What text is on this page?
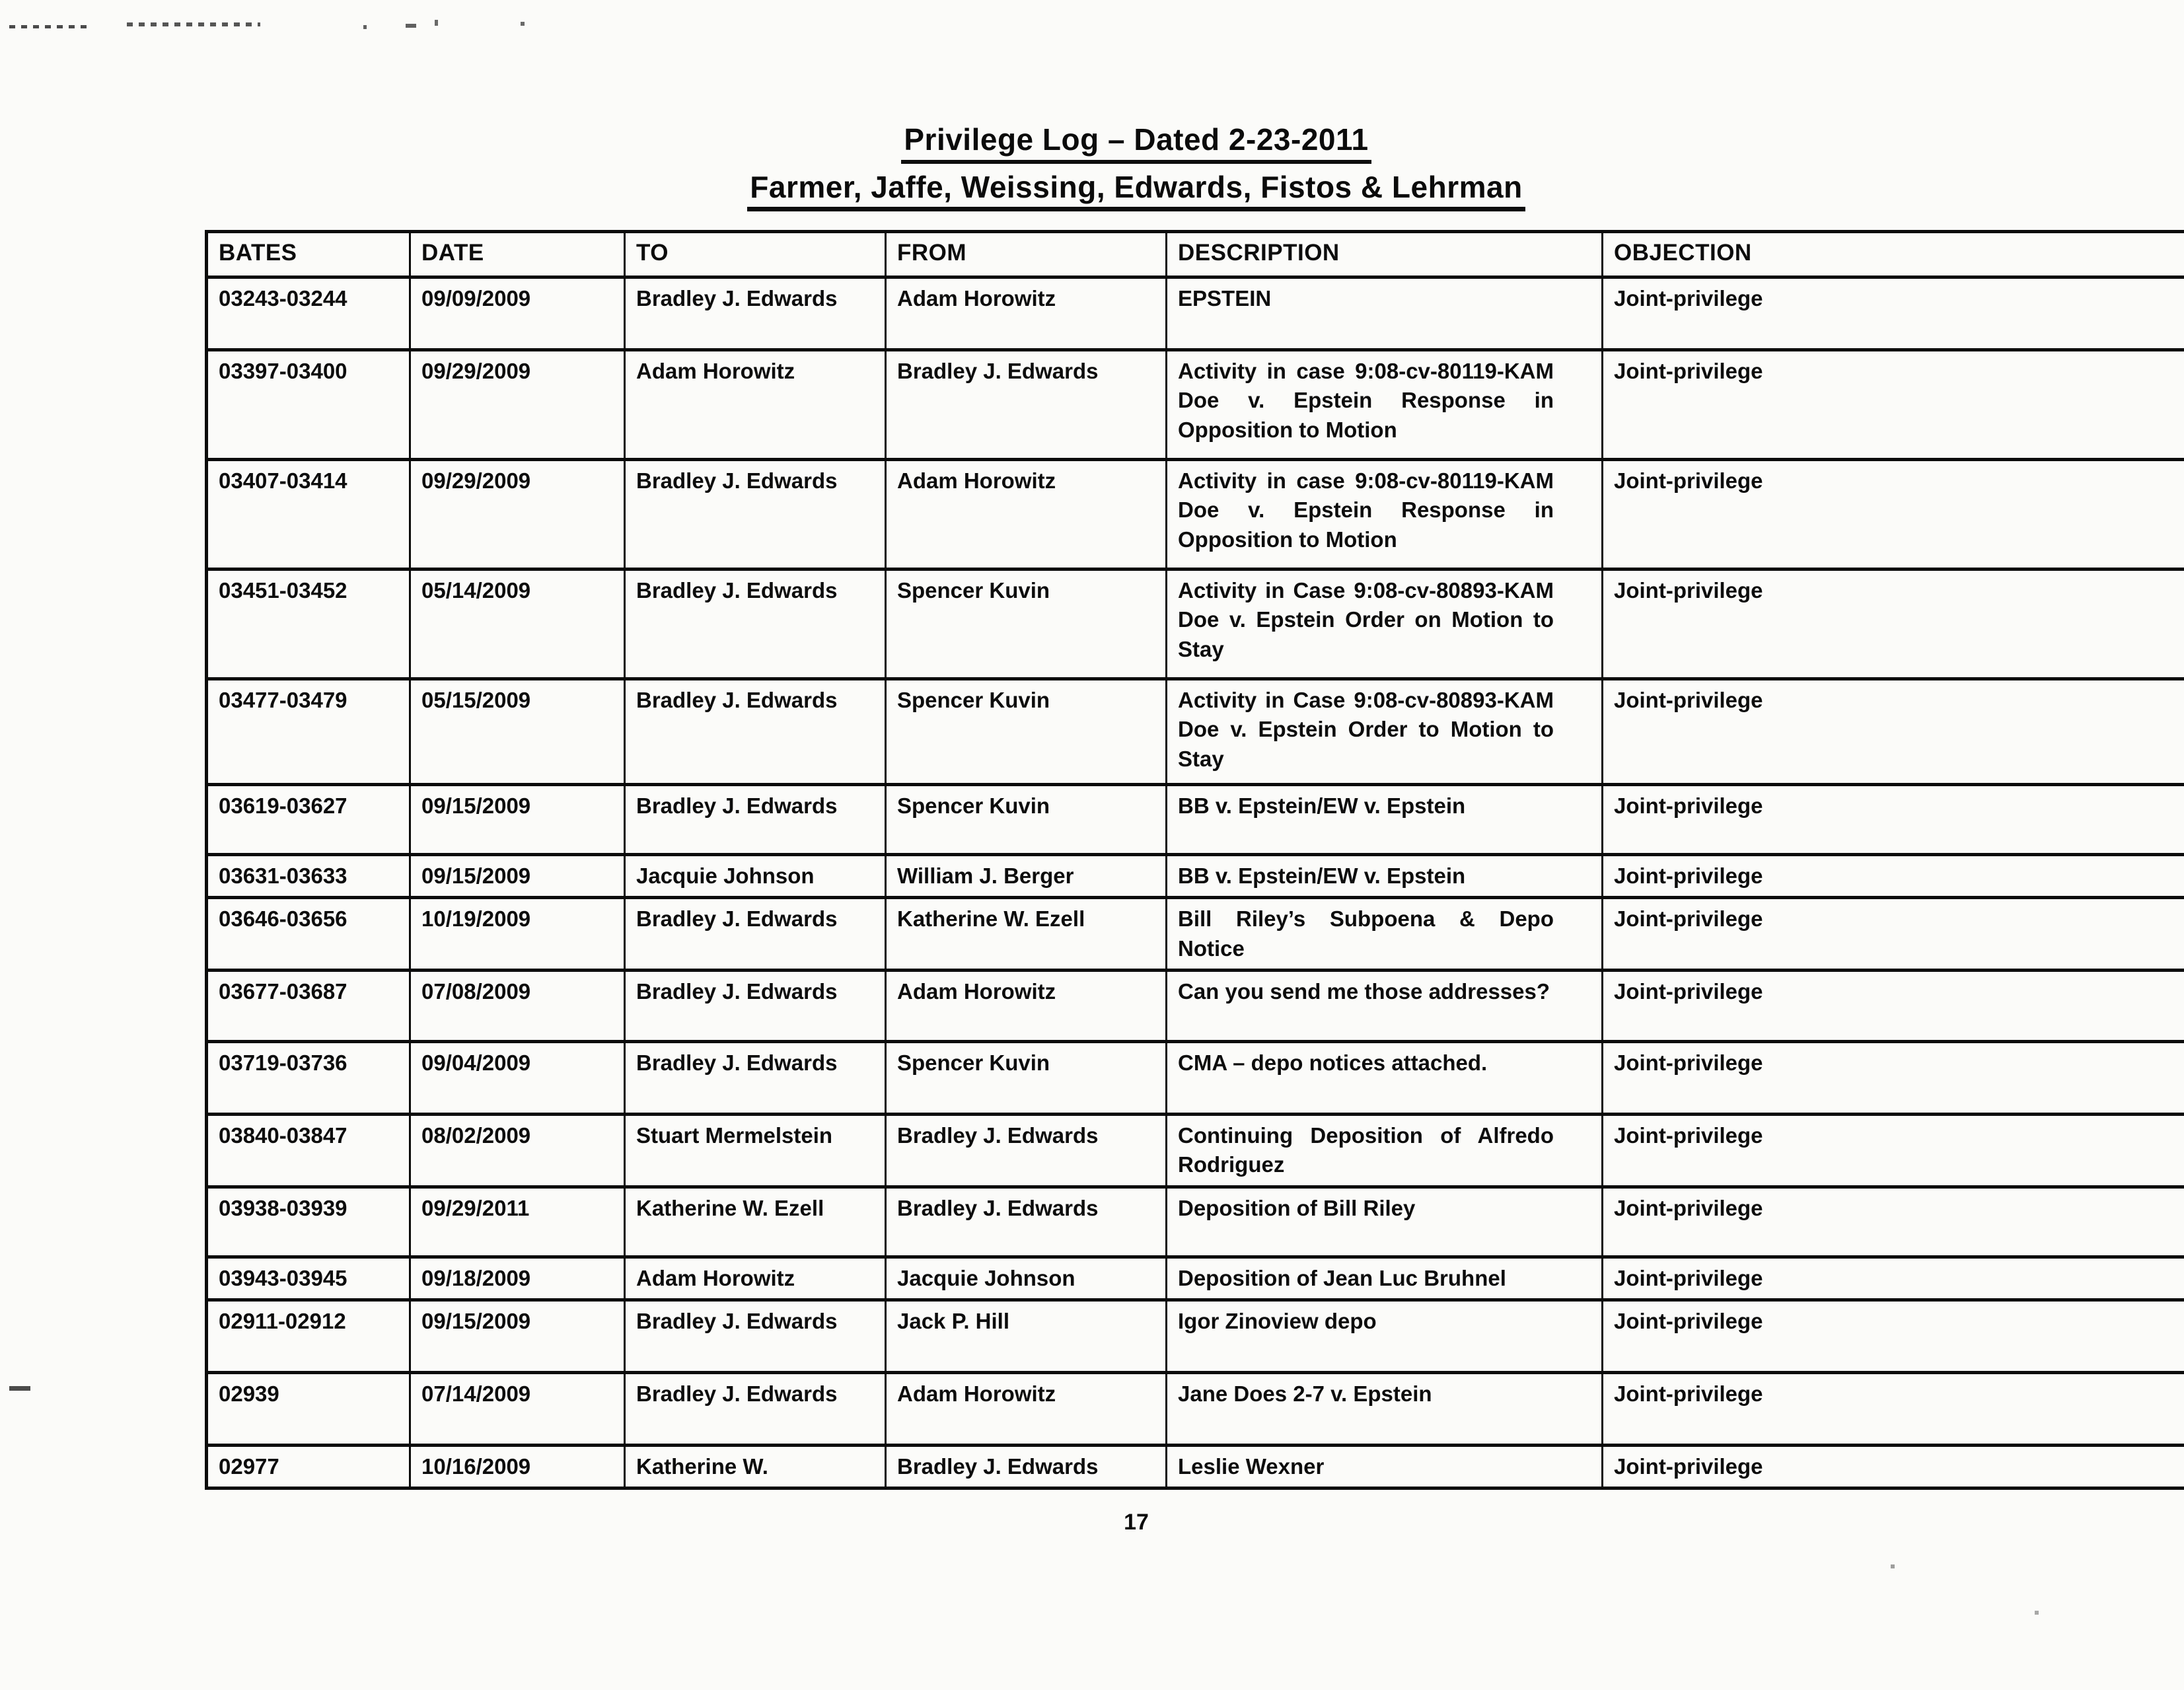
Privilege Log – Dated 2-23-2011
Farmer, Jaffe, Weissing, Edwards, Fistos & Lehrman
BATES	DATE	TO	FROM	DESCRIPTION	OBJECTION
03243-03244	09/09/2009	Bradley J. Edwards	Adam Horowitz	EPSTEIN	Joint-privilege
03397-03400	09/29/2009	Adam Horowitz	Bradley J. Edwards	Activity in case 9:08-cv-80119-KAM Doe v. Epstein Response in Opposition to Motion	Joint-privilege
03407-03414	09/29/2009	Bradley J. Edwards	Adam Horowitz	Activity in case 9:08-cv-80119-KAM Doe v. Epstein Response in Opposition to Motion	Joint-privilege
03451-03452	05/14/2009	Bradley J. Edwards	Spencer Kuvin	Activity in Case 9:08-cv-80893-KAM Doe v. Epstein Order on Motion to Stay	Joint-privilege
03477-03479	05/15/2009	Bradley J. Edwards	Spencer Kuvin	Activity in Case 9:08-cv-80893-KAM Doe v. Epstein Order to Motion to Stay	Joint-privilege
03619-03627	09/15/2009	Bradley J. Edwards	Spencer Kuvin	BB v. Epstein/EW v. Epstein	Joint-privilege
03631-03633	09/15/2009	Jacquie Johnson	William J. Berger	BB v. Epstein/EW v. Epstein	Joint-privilege
03646-03656	10/19/2009	Bradley J. Edwards	Katherine W. Ezell	Bill Riley’s Subpoena & Depo Notice	Joint-privilege
03677-03687	07/08/2009	Bradley J. Edwards	Adam Horowitz	Can you send me those addresses?	Joint-privilege
03719-03736	09/04/2009	Bradley J. Edwards	Spencer Kuvin	CMA – depo notices attached.	Joint-privilege
03840-03847	08/02/2009	Stuart Mermelstein	Bradley J. Edwards	Continuing Deposition of Alfredo Rodriguez	Joint-privilege
03938-03939	09/29/2011	Katherine W. Ezell	Bradley J. Edwards	Deposition of Bill Riley	Joint-privilege
03943-03945	09/18/2009	Adam Horowitz	Jacquie Johnson	Deposition of Jean Luc Bruhnel	Joint-privilege
02911-02912	09/15/2009	Bradley J. Edwards	Jack P. Hill	Igor Zinoview depo	Joint-privilege
02939	07/14/2009	Bradley J. Edwards	Adam Horowitz	Jane Does 2-7 v. Epstein	Joint-privilege
02977	10/16/2009	Katherine W.	Bradley J. Edwards	Leslie Wexner	Joint-privilege
17
